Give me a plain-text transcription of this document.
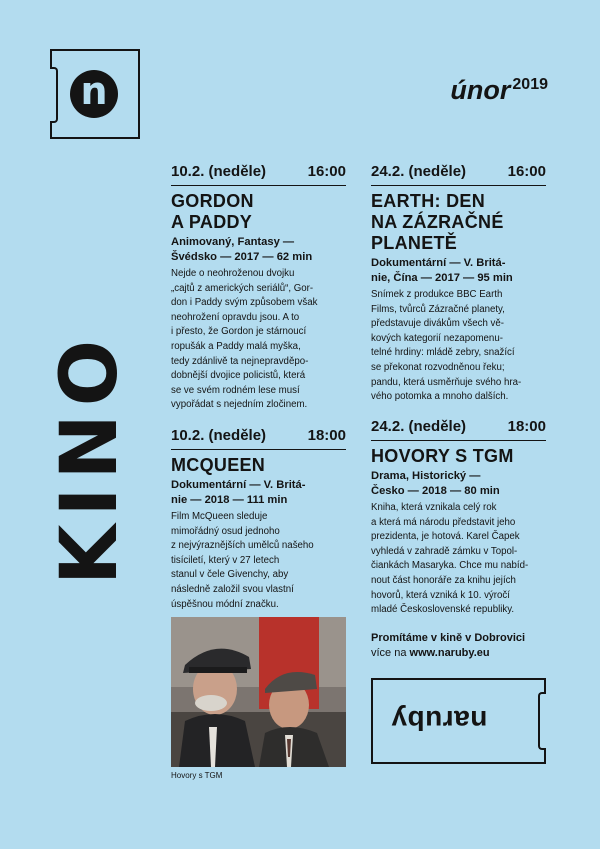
n	únor $^{2019}$
KINO
10.2. (neděle)	16:00
GORDON
A PADDY
Animovaný, Fantasy —
Švédsko — 2017 — 62 min
Nejde o neohroženou dvojku
„cajtů z amerických seriálů“, Gor-
don i Paddy svým způsobem však
neohrožení opravdu jsou. A to
i přesto, že Gordon je stárnoucí
ropušák a Paddy malá myška,
tedy zdánlivě ta nejnepravděpo-
dobnější dvojice policistů, která
se ve svém rodném lese musí
vypořádat s nejedním zločinem.
10.2. (neděle)	18:00
MCQUEEN
Dokumentární — V. Britá-
nie — 2018 — 111 min
Film McQueen sleduje
mimořádný osud jednoho
z nejvýraznějších umělců našeho
tisíciletí, který v 27 letech
stanul v čele Givenchy, aby
následně založil svou vlastní
úspěšnou módní značku.
24.2. (neděle)	16:00
EARTH: DEN
NA ZÁZRAČNÉ
PLANETĚ
Dokumentární — V. Britá-
nie, Čína — 2017 — 95 min
Snímek z produkce BBC Earth
Films, tvůrců Zázračné planety,
představuje divákům všech vě-
kových kategorií nezapomenu-
telné hrdiny: mládě zebry, snažící
se překonat rozvodněnou řeku;
pandu, která usměrňuje svého hra-
vého potomka a mnoho dalších.
24.2. (neděle)	18:00
HOVORY S TGM
Drama, Historický —
Česko — 2018 — 80 min
Kniha, která vznikala celý rok
a která má národu představit jeho
prezidenta, je hotová. Karel Čapek
vyhledá v zahradě zámku v Topol-
čiankách Masaryka. Chce mu nabíd-
nout část honoráře za knihu jejích
hovorů, která vzniká k 10. výročí
mladé Československé republiky.
Hovory s TGM
Promítáme v kině v Dobrovici
více na www.naruby.eu
naruby
